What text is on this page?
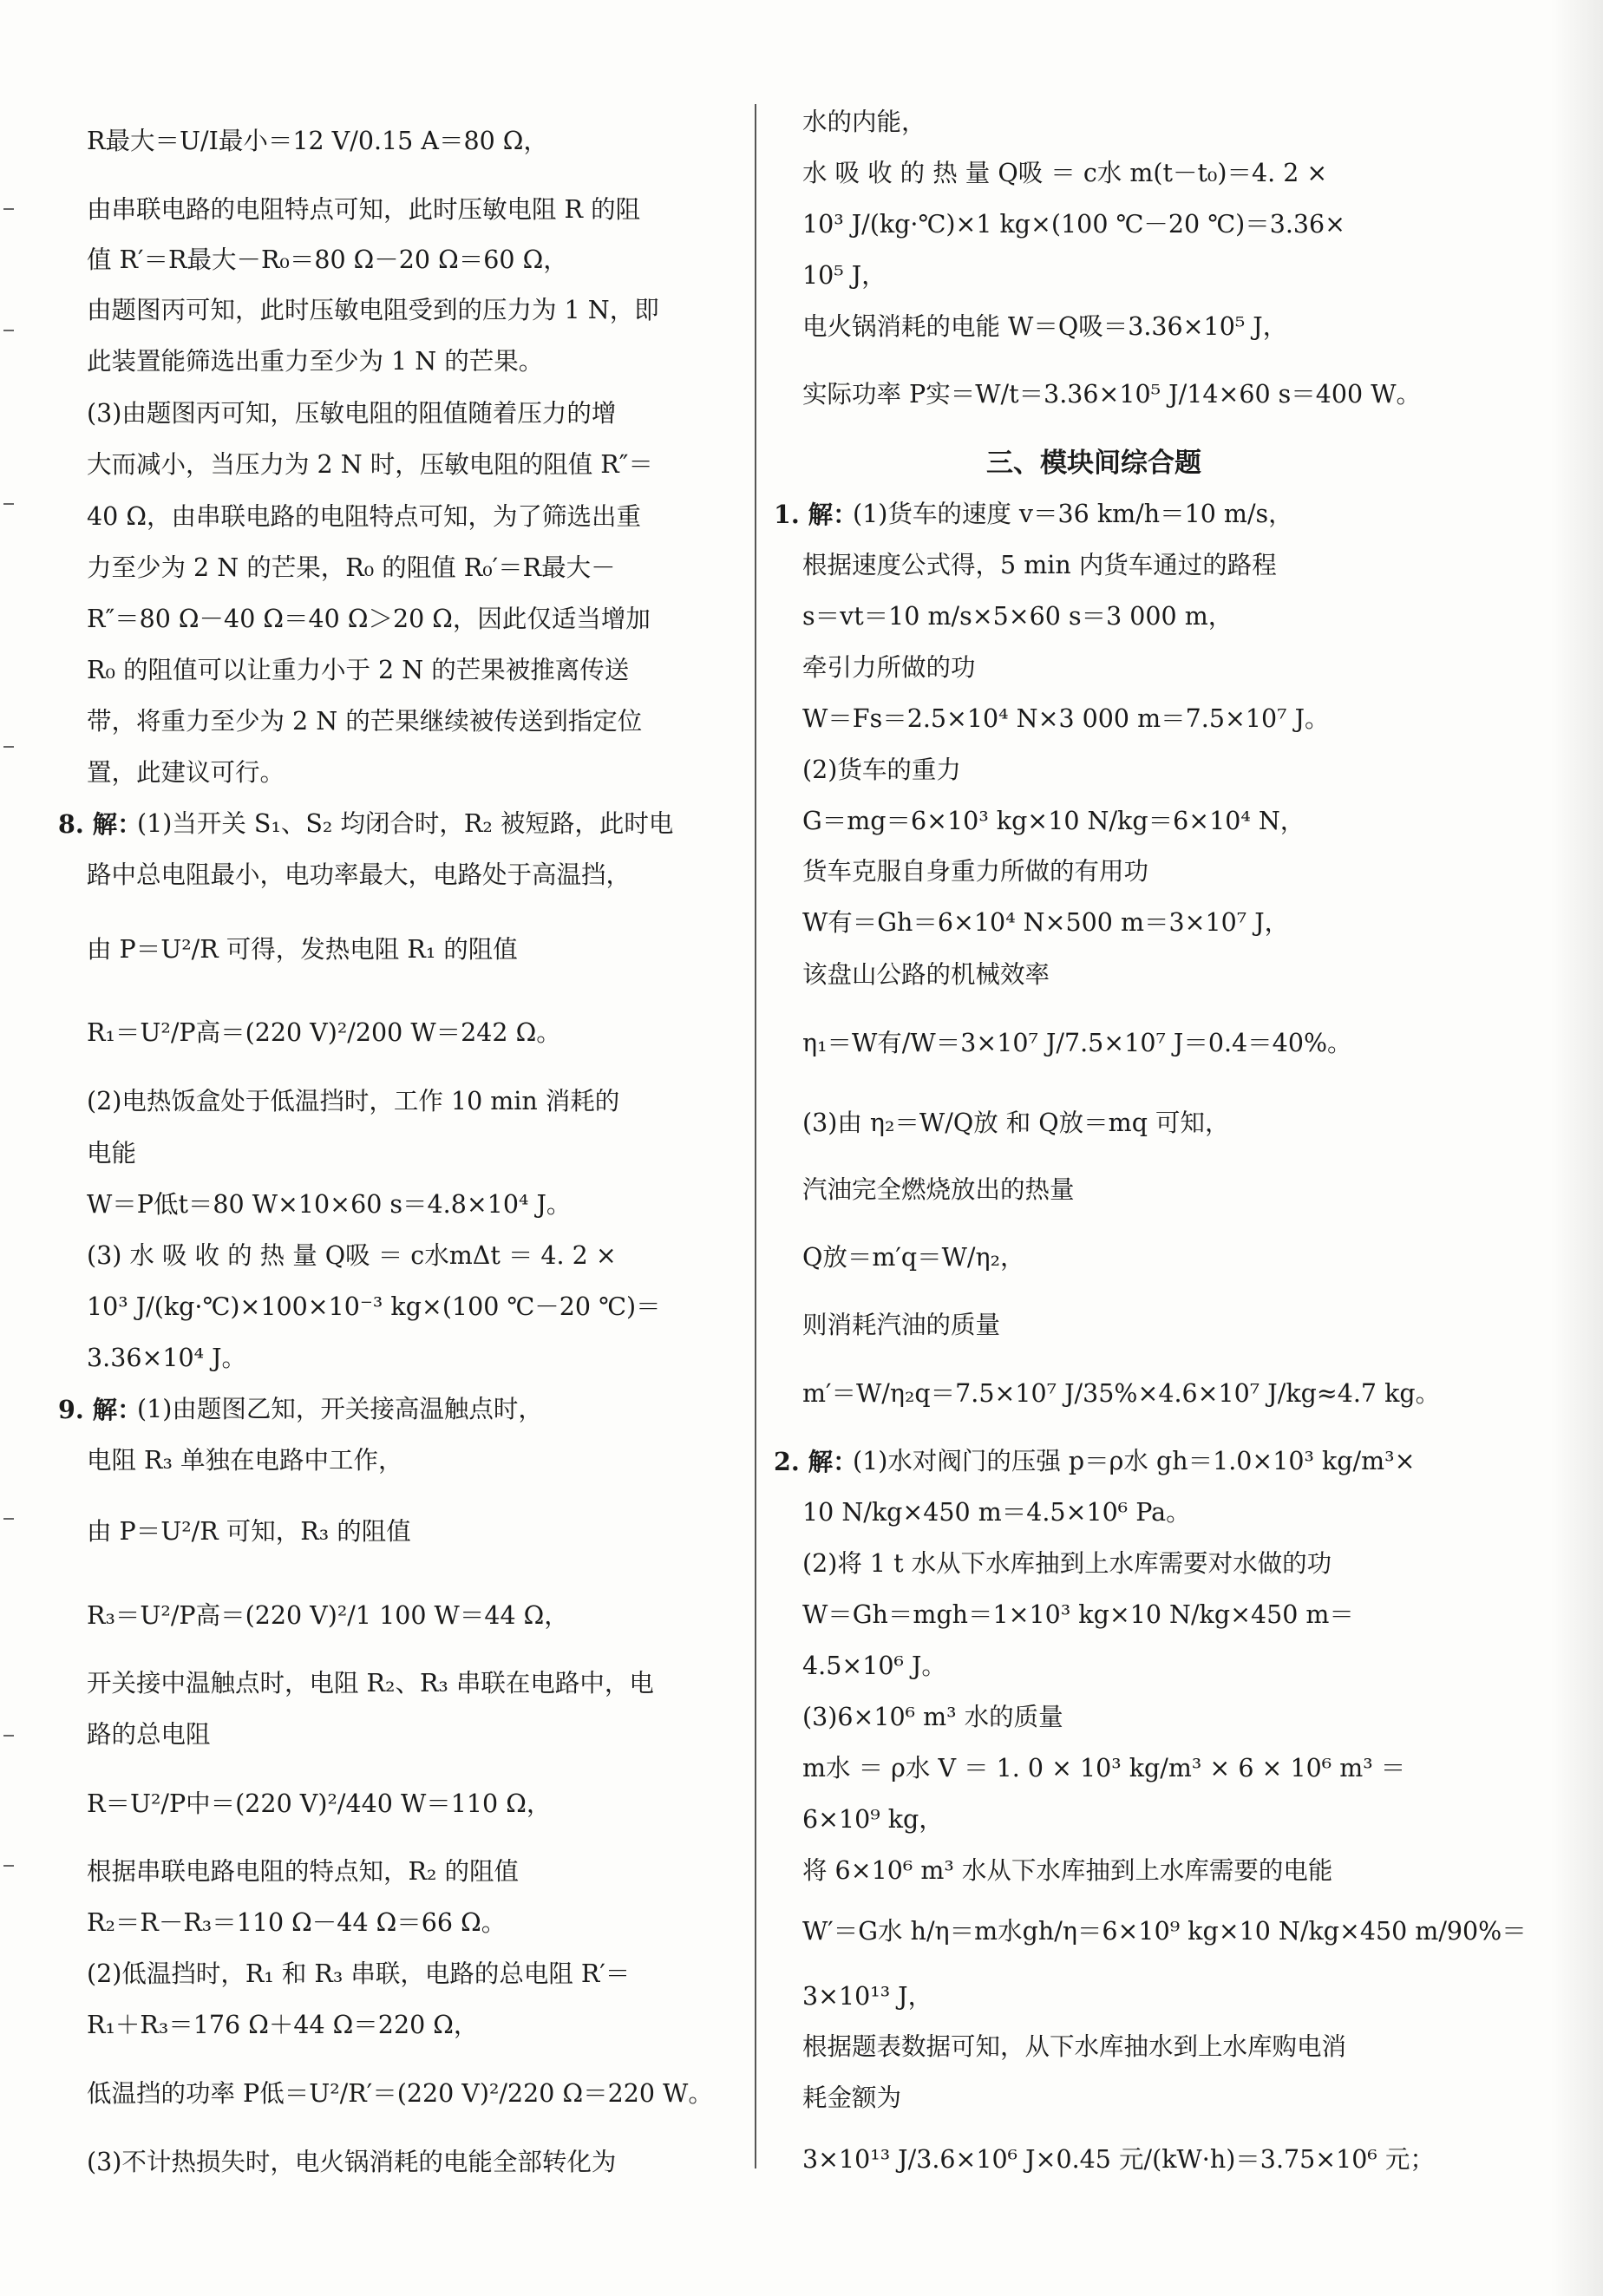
R最大＝U/I最小＝12 V/0.15 A＝80 Ω，
由串联电路的电阻特点可知，此时压敏电阻 R 的阻
值 R′＝R最大－R₀＝80 Ω－20 Ω＝60 Ω，
由题图丙可知，此时压敏电阻受到的压力为 1 N，即
此装置能筛选出重力至少为 1 N 的芒果。
(3)由题图丙可知，压敏电阻的阻值随着压力的增
大而减小，当压力为 2 N 时，压敏电阻的阻值 R″＝
40 Ω，由串联电路的电阻特点可知，为了筛选出重
力至少为 2 N 的芒果，R₀ 的阻值 R₀′＝R最大－
R″＝80 Ω－40 Ω＝40 Ω＞20 Ω，因此仅适当增加
R₀ 的阻值可以让重力小于 2 N 的芒果被推离传送
带，将重力至少为 2 N 的芒果继续被传送到指定位
置，此建议可行。
8. 解：
(1)当开关 S₁、S₂ 均闭合时，R₂ 被短路，此时电
路中总电阻最小，电功率最大，电路处于高温挡，
由 P＝U²/R 可得，发热电阻 R₁ 的阻值
R₁＝U²/P高＝(220 V)²/200 W＝242 Ω。
(2)电热饭盒处于低温挡时，工作 10 min 消耗的
电能
W＝P低t＝80 W×10×60 s＝4.8×10⁴ J。
(3) 水 吸 收 的 热 量 Q吸 ＝ c水mΔt ＝ 4. 2 ×
10³ J/(kg·℃)×100×10⁻³ kg×(100 ℃－20 ℃)＝
3.36×10⁴ J。
9. 解：
(1)由题图乙知，开关接高温触点时，
电阻 R₃ 单独在电路中工作，
由 P＝U²/R 可知，R₃ 的阻值
R₃＝U²/P高＝(220 V)²/1 100 W＝44 Ω，
开关接中温触点时，电阻 R₂、R₃ 串联在电路中，电
路的总电阻
R＝U²/P中＝(220 V)²/440 W＝110 Ω，
根据串联电路电阻的特点知，R₂ 的阻值
R₂＝R－R₃＝110 Ω－44 Ω＝66 Ω。
(2)低温挡时，R₁ 和 R₃ 串联，电路的总电阻 R′＝
R₁＋R₃＝176 Ω＋44 Ω＝220 Ω，
低温挡的功率 P低＝U²/R′＝(220 V)²/220 Ω＝220 W。
(3)不计热损失时，电火锅消耗的电能全部转化为
水的内能，
水 吸 收 的 热 量 Q吸 ＝ c水 m(t－t₀)＝4. 2 ×
10³ J/(kg·℃)×1 kg×(100 ℃－20 ℃)＝3.36×
10⁵ J，
电火锅消耗的电能 W＝Q吸＝3.36×10⁵ J，
实际功率 P实＝W/t＝3.36×10⁵ J/14×60 s＝400 W。
三、模块间综合题
1. 解：
(1)货车的速度 v＝36 km/h＝10 m/s，
根据速度公式得，5 min 内货车通过的路程
s＝vt＝10 m/s×5×60 s＝3 000 m，
牵引力所做的功
W＝Fs＝2.5×10⁴ N×3 000 m＝7.5×10⁷ J。
(2)货车的重力
G＝mg＝6×10³ kg×10 N/kg＝6×10⁴ N，
货车克服自身重力所做的有用功
W有＝Gh＝6×10⁴ N×500 m＝3×10⁷ J，
该盘山公路的机械效率
η₁＝W有/W＝3×10⁷ J/7.5×10⁷ J＝0.4＝40%。
(3)由 η₂＝W/Q放 和 Q放＝mq 可知，
汽油完全燃烧放出的热量
Q放＝m′q＝W/η₂，
则消耗汽油的质量
m′＝W/η₂q＝7.5×10⁷ J/35%×4.6×10⁷ J/kg≈4.7 kg。
2. 解：
(1)水对阀门的压强 p＝ρ水 gh＝1.0×10³ kg/m³×
10 N/kg×450 m＝4.5×10⁶ Pa。
(2)将 1 t 水从下水库抽到上水库需要对水做的功
W＝Gh＝mgh＝1×10³ kg×10 N/kg×450 m＝
4.5×10⁶ J。
(3)6×10⁶ m³ 水的质量
m水 ＝ ρ水 V ＝ 1. 0 × 10³ kg/m³ × 6 × 10⁶ m³ ＝
6×10⁹ kg，
将 6×10⁶ m³ 水从下水库抽到上水库需要的电能
W′＝G水 h/η＝m水gh/η＝6×10⁹ kg×10 N/kg×450 m/90%＝
3×10¹³ J，
根据题表数据可知，从下水库抽水到上水库购电消
耗金额为
3×10¹³ J/3.6×10⁶ J×0.45 元/(kW·h)＝3.75×10⁶ 元；
